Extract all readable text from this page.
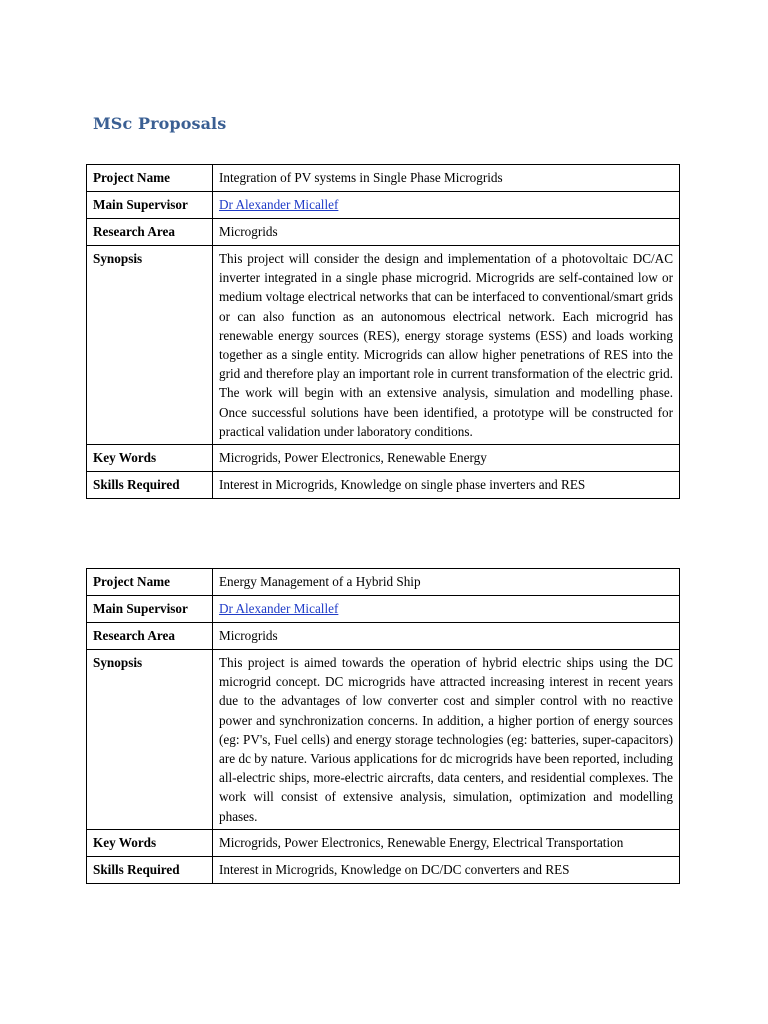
MSc Proposals
Project Name	Integration of PV systems in Single Phase Microgrids
Main Supervisor	Dr Alexander Micallef
Research Area	Microgrids
Synopsis	This project will consider the design and implementation of a photovoltaic DC/AC inverter integrated in a single phase microgrid. Microgrids are self-contained low or medium voltage electrical networks that can be interfaced to conventional/smart grids or can also function as an autonomous electrical network. Each microgrid has renewable energy sources (RES), energy storage systems (ESS) and loads working together as a single entity. Microgrids can allow higher penetrations of RES into the grid and therefore play an important role in current transformation of the electric grid. The work will begin with an extensive analysis, simulation and modelling phase. Once successful solutions have been identified, a prototype will be constructed for practical validation under laboratory conditions.
Key Words	Microgrids, Power Electronics, Renewable Energy
Skills Required	Interest in Microgrids, Knowledge on single phase inverters and RES
Project Name	Energy Management of a Hybrid Ship
Main Supervisor	Dr Alexander Micallef
Research Area	Microgrids
Synopsis	This project is aimed towards the operation of hybrid electric ships using the DC microgrid concept. DC microgrids have attracted increasing interest in recent years due to the advantages of low converter cost and simpler control with no reactive power and synchronization concerns. In addition, a higher portion of energy sources (eg: PV's, Fuel cells) and energy storage technologies (eg: batteries, super-capacitors) are dc by nature. Various applications for dc microgrids have been reported, including all-electric ships, more-electric aircrafts, data centers, and residential complexes. The work will consist of extensive analysis, simulation, optimization and modelling phases.
Key Words	Microgrids, Power Electronics, Renewable Energy, Electrical Transportation
Skills Required	Interest in Microgrids, Knowledge on DC/DC converters and RES
